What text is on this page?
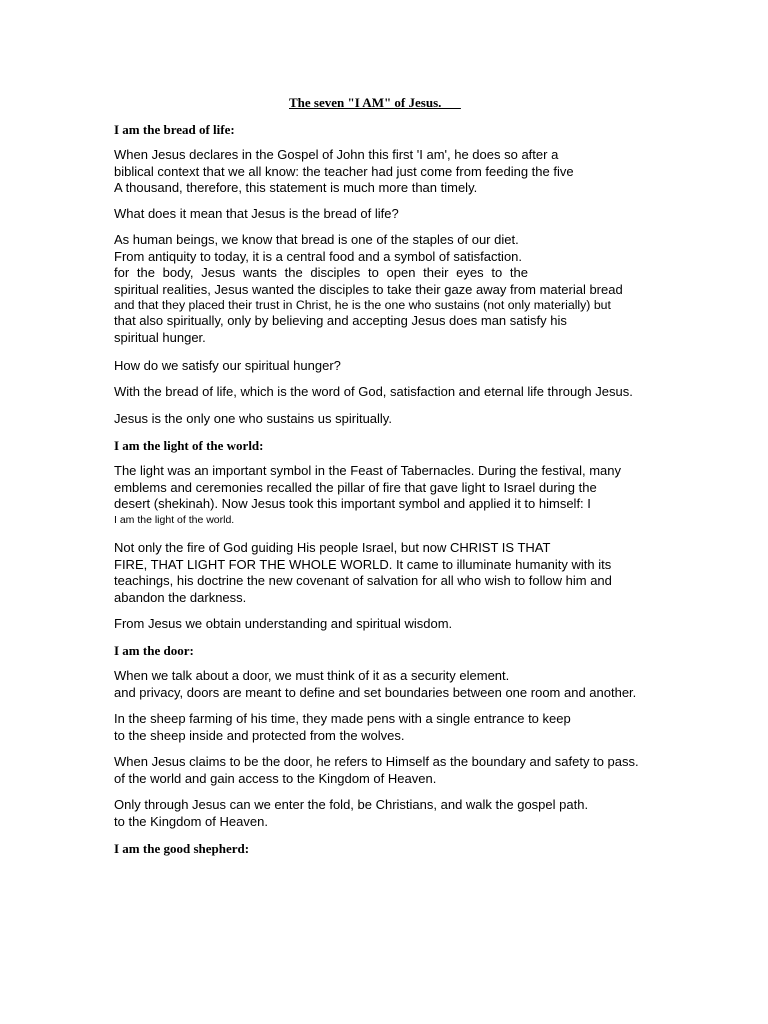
The seven "I AM" of Jesus.
I am the bread of life:
When Jesus declares in the Gospel of John this first 'I am', he does so after a
biblical context that we all know: the teacher had just come from feeding the five
A thousand, therefore, this statement is much more than timely.
What does it mean that Jesus is the bread of life?
As human beings, we know that bread is one of the staples of our diet.
From antiquity to today, it is a central food and a symbol of satisfaction.
for the body, Jesus wants the disciples to open their eyes to the
spiritual realities, Jesus wanted the disciples to take their gaze away from material bread
and that they placed their trust in Christ, he is the one who sustains (not only materially) but
that also spiritually, only by believing and accepting Jesus does man satisfy his
spiritual hunger.
How do we satisfy our spiritual hunger?
With the bread of life, which is the word of God, satisfaction and eternal life through Jesus.
Jesus is the only one who sustains us spiritually.
I am the light of the world:
The light was an important symbol in the Feast of Tabernacles. During the festival, many
emblems and ceremonies recalled the pillar of fire that gave light to Israel during the
desert (shekinah). Now Jesus took this important symbol and applied it to himself: I
I am the light of the world.
Not only the fire of God guiding His people Israel, but now CHRIST IS THAT
FIRE, THAT LIGHT FOR THE WHOLE WORLD. It came to illuminate humanity with its
teachings, his doctrine the new covenant of salvation for all who wish to follow him and
abandon the darkness.
From Jesus we obtain understanding and spiritual wisdom.
I am the door:
When we talk about a door, we must think of it as a security element.
and privacy, doors are meant to define and set boundaries between one room and another.
In the sheep farming of his time, they made pens with a single entrance to keep
to the sheep inside and protected from the wolves.
When Jesus claims to be the door, he refers to Himself as the boundary and safety to pass.
of the world and gain access to the Kingdom of Heaven.
Only through Jesus can we enter the fold, be Christians, and walk the gospel path.
to the Kingdom of Heaven.
I am the good shepherd:
